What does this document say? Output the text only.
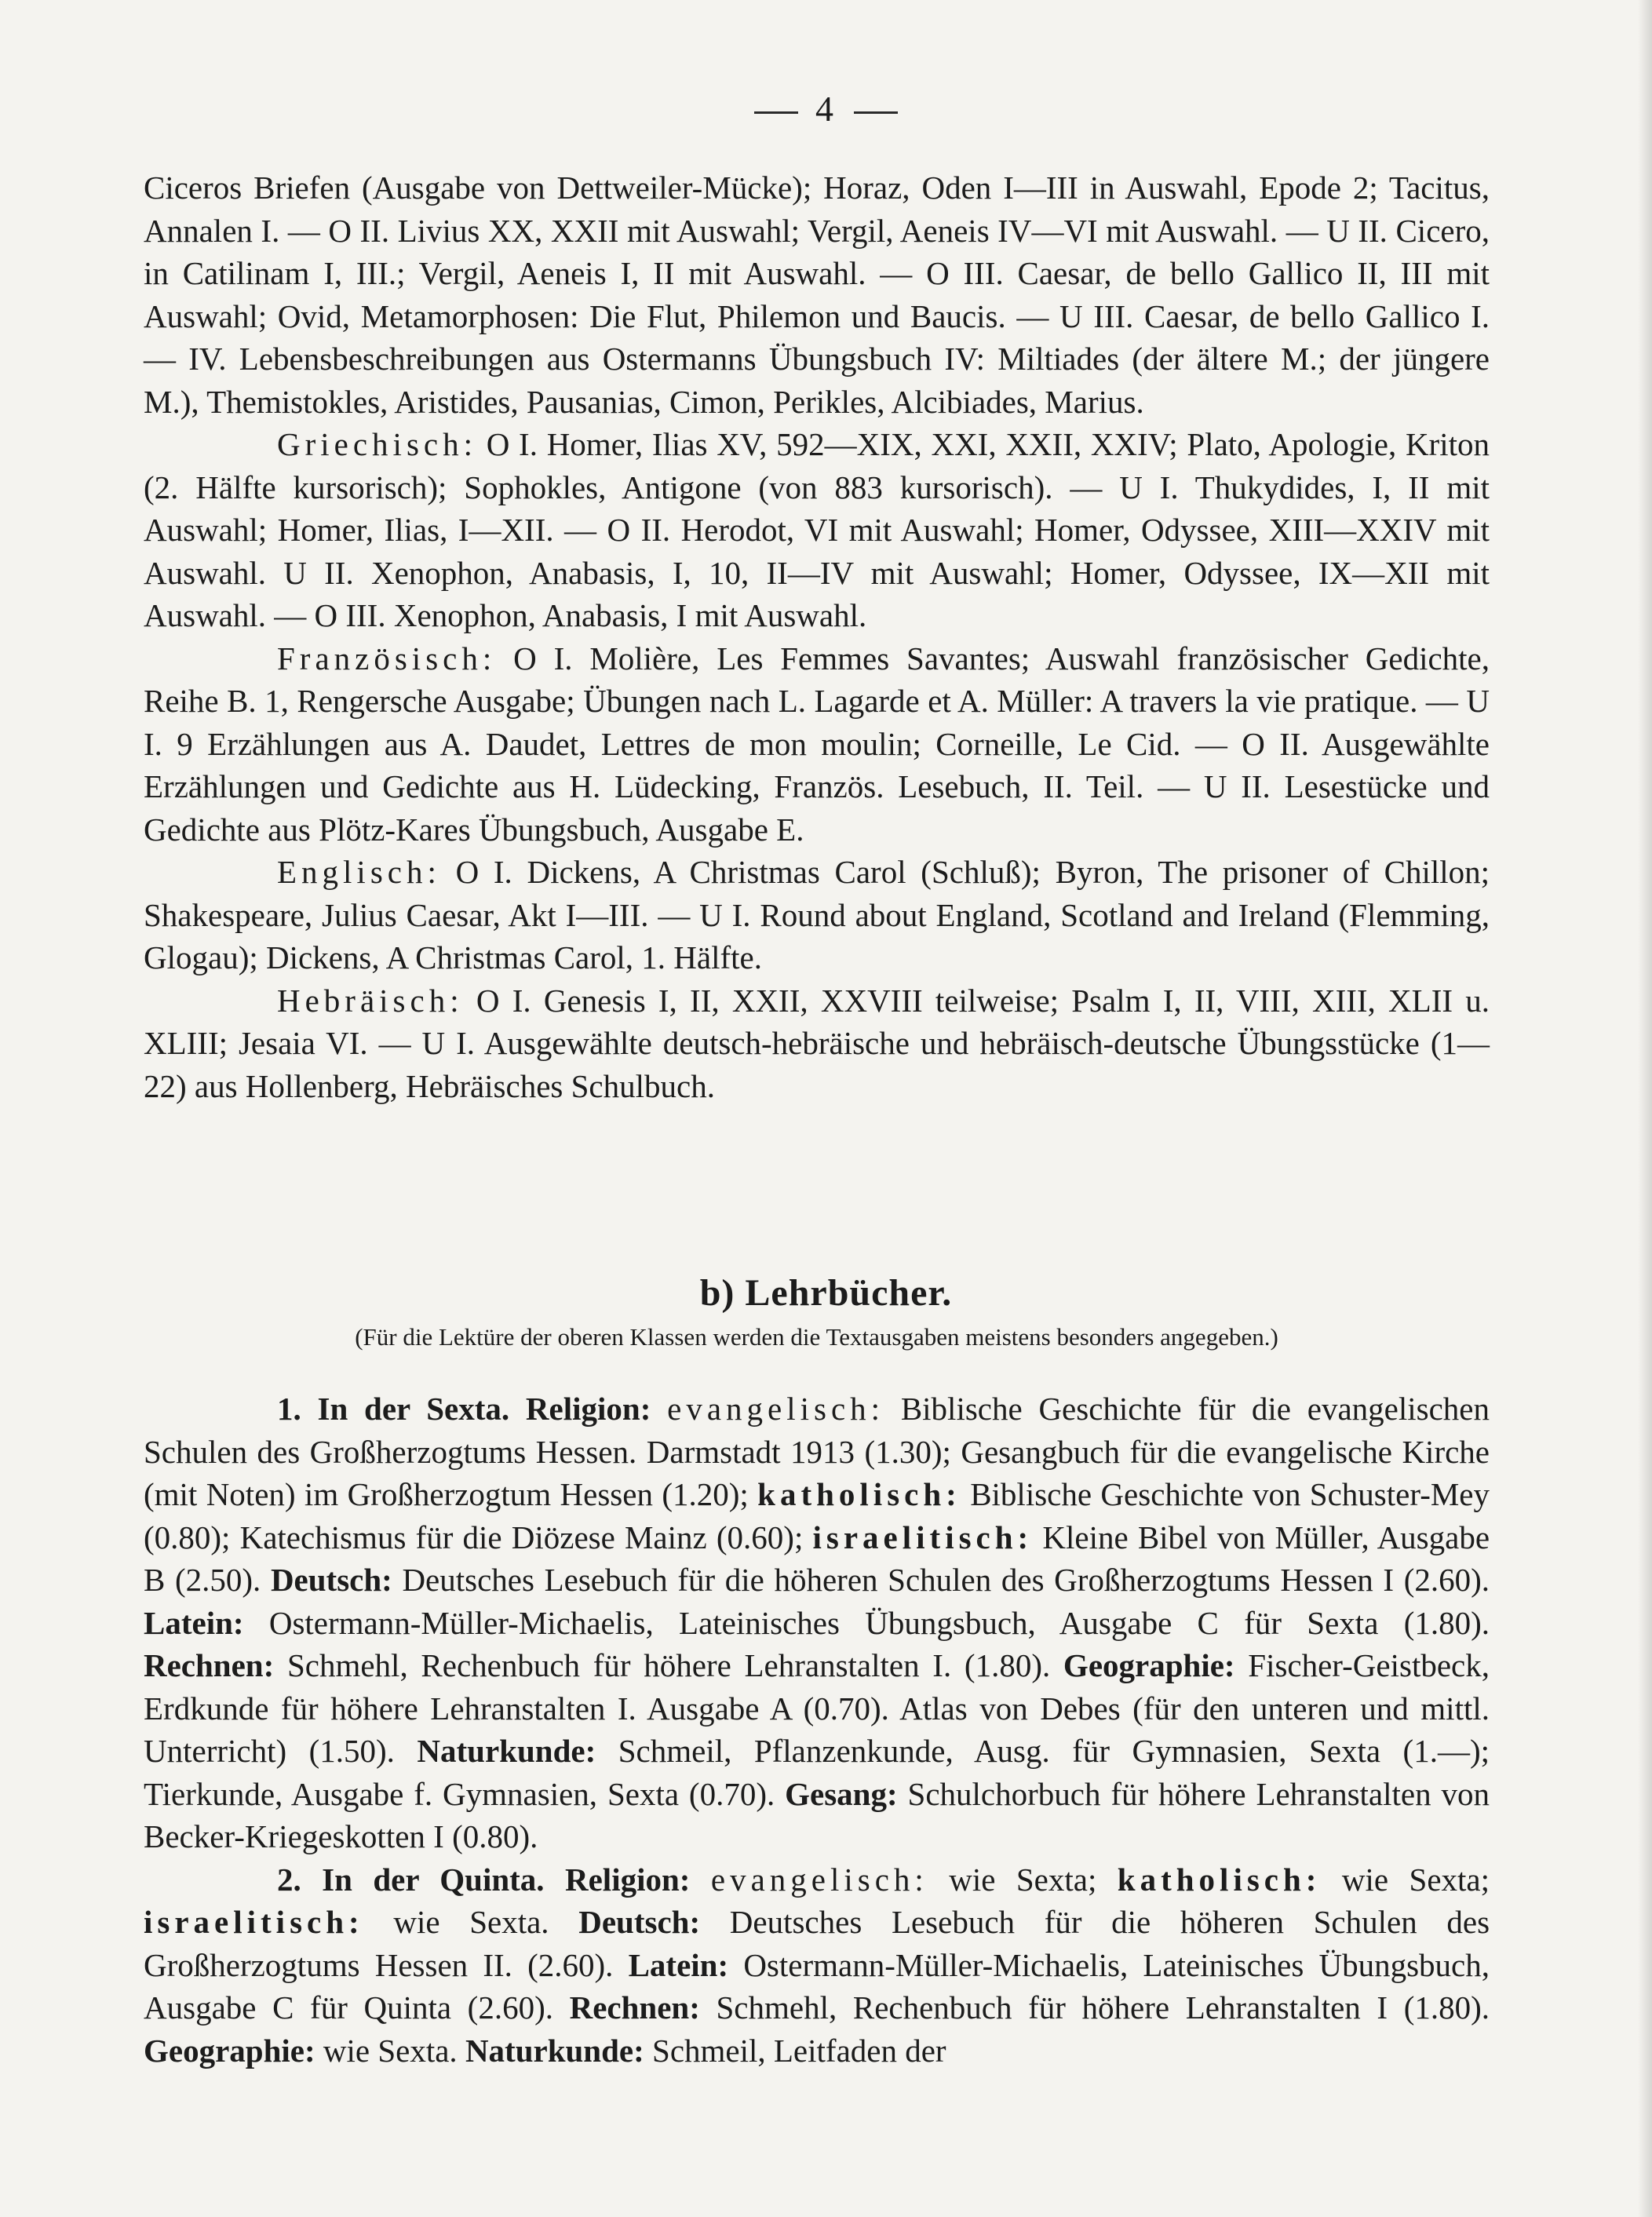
4

Ciceros Briefen (Ausgabe von Dettweiler-Mücke); Horaz, Oden I—III in Auswahl, Epode 2; Tacitus, Annalen I. — O II. Livius XX, XXII mit Auswahl; Vergil, Aeneis IV—VI mit Auswahl. — U II. Cicero, in Catilinam I, III.; Vergil, Aeneis I, II mit Auswahl. — O III. Caesar, de bello Gallico II, III mit Auswahl; Ovid, Metamorphosen: Die Flut, Philemon und Baucis. — U III. Caesar, de bello Gallico I. — IV. Lebensbeschreibungen aus Ostermanns Übungsbuch IV: Miltiades (der ältere M.; der jüngere M.), Themistokles, Aristides, Pausanias, Cimon, Perikles, Alcibiades, Marius.

Griechisch: O I. Homer, Ilias XV, 592—XIX, XXI, XXII, XXIV; Plato, Apologie, Kriton (2. Hälfte kursorisch); Sophokles, Antigone (von 883 kursorisch). — U I. Thukydides, I, II mit Auswahl; Homer, Ilias, I—XII. — O II. Herodot, VI mit Auswahl; Homer, Odyssee, XIII—XXIV mit Auswahl. U II. Xenophon, Anabasis, I, 10, II—IV mit Auswahl; Homer, Odyssee, IX—XII mit Auswahl. — O III. Xenophon, Anabasis, I mit Auswahl.

Französisch: O I. Molière, Les Femmes Savantes; Auswahl französischer Gedichte, Reihe B. 1, Rengersche Ausgabe; Übungen nach L. Lagarde et A. Müller: A travers la vie pratique. — U I. 9 Erzählungen aus A. Daudet, Lettres de mon moulin; Corneille, Le Cid. — O II. Ausgewählte Erzählungen und Gedichte aus H. Lüdecking, Französ. Lesebuch, II. Teil. — U II. Lesestücke und Gedichte aus Plötz-Kares Übungsbuch, Ausgabe E.

Englisch: O I. Dickens, A Christmas Carol (Schluß); Byron, The prisoner of Chillon; Shakespeare, Julius Caesar, Akt I—III. — U I. Round about England, Scotland and Ireland (Flemming, Glogau); Dickens, A Christmas Carol, 1. Hälfte.

Hebräisch: O I. Genesis I, II, XXII, XXVIII teilweise; Psalm I, II, VIII, XIII, XLII u. XLIII; Jesaia VI. — U I. Ausgewählte deutsch-hebräische und hebräisch-deutsche Übungsstücke (1—22) aus Hollenberg, Hebräisches Schulbuch.

b) Lehrbücher.
(Für die Lektüre der oberen Klassen werden die Textausgaben meistens besonders angegeben.)

1. In der Sexta. Religion: evangelisch: Biblische Geschichte für die evangelischen Schulen des Großherzogtums Hessen. Darmstadt 1913 (1.30); Gesangbuch für die evangelische Kirche (mit Noten) im Großherzogtum Hessen (1.20); katholisch: Biblische Geschichte von Schuster-Mey (0.80); Katechismus für die Diözese Mainz (0.60); israelitisch: Kleine Bibel von Müller, Ausgabe B (2.50). Deutsch: Deutsches Lesebuch für die höheren Schulen des Großherzogtums Hessen I (2.60). Latein: Ostermann-Müller-Michaelis, Lateinisches Übungsbuch, Ausgabe C für Sexta (1.80). Rechnen: Schmehl, Rechenbuch für höhere Lehranstalten I. (1.80). Geographie: Fischer-Geistbeck, Erdkunde für höhere Lehranstalten I. Ausgabe A (0.70). Atlas von Debes (für den unteren und mittl. Unterricht) (1.50). Naturkunde: Schmeil, Pflanzenkunde, Ausg. für Gymnasien, Sexta (1.—); Tierkunde, Ausgabe f. Gymnasien, Sexta (0.70). Gesang: Schulchorbuch für höhere Lehranstalten von Becker-Kriegeskotten I (0.80).

2. In der Quinta. Religion: evangelisch: wie Sexta; katholisch: wie Sexta; israelitisch: wie Sexta. Deutsch: Deutsches Lesebuch für die höheren Schulen des Großherzogtums Hessen II. (2.60). Latein: Ostermann-Müller-Michaelis, Lateinisches Übungsbuch, Ausgabe C für Quinta (2.60). Rechnen: Schmehl, Rechenbuch für höhere Lehranstalten I (1.80). Geographie: wie Sexta. Naturkunde: Schmeil, Leitfaden der
